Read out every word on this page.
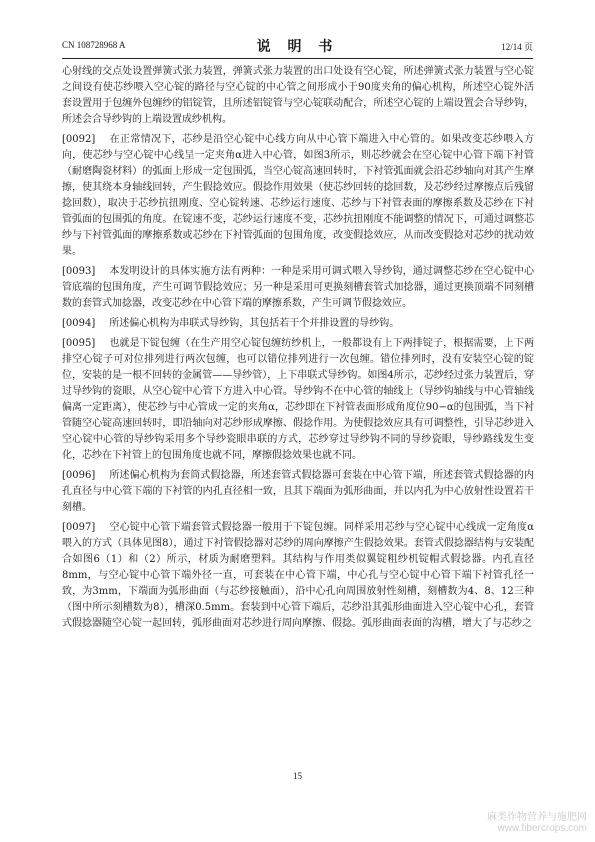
CN 108728968 A	说 明 书	12/14 页

心射线的交点处设置弹簧式张力装置，弹簧式张力装置的出口处设有空心锭，所述弹簧式张力装置与空心锭之间设有使芯纱喂入空心锭的路径与空心锭的中心管之间形成小于90度夹角的偏心机构，所述空心锭外活套设置用于包缠外包缠纱的铝锭管，且所述铝锭管与空心锭联动配合，所述空心锭的上端设置会合导纱钩，所述会合导纱钩的上端设置成纱机构。

[0092] 在正常情况下，芯纱是沿空心锭中心线方向从中心管下端进入中心管的。如果改变芯纱喂入方向，使芯纱与空心锭中心线呈一定夹角α进入中心管，如图3所示，则芯纱就会在空心锭中心管下端下衬管（耐磨陶瓷材料）的弧面上形成一定包围弧，当空心锭高速回转时，下衬管弧面就会沿芯纱轴向对其产生摩擦，使其绕本身轴线回转，产生假捻效应。假捻作用效果（使芯纱回转的捻回数，及芯纱经过摩擦点后残留捻回数），取决于芯纱抗扭刚度、空心锭转速、芯纱运行速度、芯纱与下衬管表面的摩擦系数及芯纱在下衬管弧面的包围弧的角度。在锭速不变，芯纱运行速度不变，芯纱抗扭刚度不能调整的情况下，可通过调整芯纱与下衬管弧面的摩擦系数或芯纱在下衬管弧面的包围角度，改变假捻效应，从而改变假捻对芯纱的扰动效果。

[0093] 本发明设计的具体实施方法有两种：一种是采用可调式喂入导纱钩，通过调整芯纱在空心锭中心管底端的包围角度，产生可调节假捻效应；另一种是采用可更换刻槽套管式加捻器，通过更换顶端不同刻槽数的套管式加捻器，改变芯纱在中心管下端的摩擦系数，产生可调节假捻效应。

[0094] 所述偏心机构为串联式导纱钩，其包括若干个并排设置的导纱钩。

[0095] 也就是下锭包缠（在生产用空心锭包缠纺纱机上，一般都设有上下两排锭子，根据需要，上下两排空心锭子可对位排列进行两次包缠，也可以错位排列进行一次包缠。错位排列时，没有安装空心锭的锭位，安装的是一根不回转的金属管——导纱管），上下串联式导纱钩。如图4所示，芯纱经过张力装置后，穿过导纱钩的瓷眼，从空心锭中心管下方进入中心管。导纱钩不在中心管的轴线上（导纱钩轴线与中心管轴线偏离一定距离），使芯纱与中心管成一定的夹角α，芯纱即在下衬管表面形成角度位90−α的包围弧，当下衬管随空心锭高速回转时，即沿轴向对芯纱形成摩擦、假捻作用。为使假捻效应具有可调整性，引导芯纱进入空心锭中心管的导纱钩采用多个导纱瓷眼串联的方式，芯纱穿过导纱钩不同的导纱瓷眼，导纱路线发生变化，芯纱在下衬管上的包围角度也就不同，摩擦假捻效果也就不同。

[0096] 所述偏心机构为套筒式假捻器，所述套管式假捻器可套装在中心管下端，所述套管式假捻器的内孔直径与中心管下端的下衬管的内孔直径相一致，且其下端面为弧形曲面，并以内孔为中心放射性设置若干刻槽。

[0097] 空心锭中心管下端套管式假捻器一般用于下锭包缠。同样采用芯纱与空心锭中心线成一定角度α喂入的方式（具体见图8），通过下衬管假捻器对芯纱的周向摩擦产生假捻效果。套管式假捻器结构与安装配合如图6（1）和（2）所示，材质为耐磨塑料。其结构与作用类似翼锭粗纱机锭帽式假捻器。内孔直径8mm，与空心锭中心管下端外径一直，可套装在中心管下端，中心孔与空心锭中心管下端下衬管孔径一致，为3mm，下端面为弧形曲面（与芯纱接触面），沿中心孔向周围放射性刻槽，刻槽数为4、8、12三种（图中所示刻槽数为8），槽深0.5mm。套装到中心管下端后，芯纱沿其弧形曲面进入空心锭中心孔，套管式假捻器随空心锭一起回转，弧形曲面对芯纱进行周向摩擦、假捻。弧形曲面表面的沟槽，增大了与芯纱之

15
麻类作物营养与施肥网
www.fibercrops.com
